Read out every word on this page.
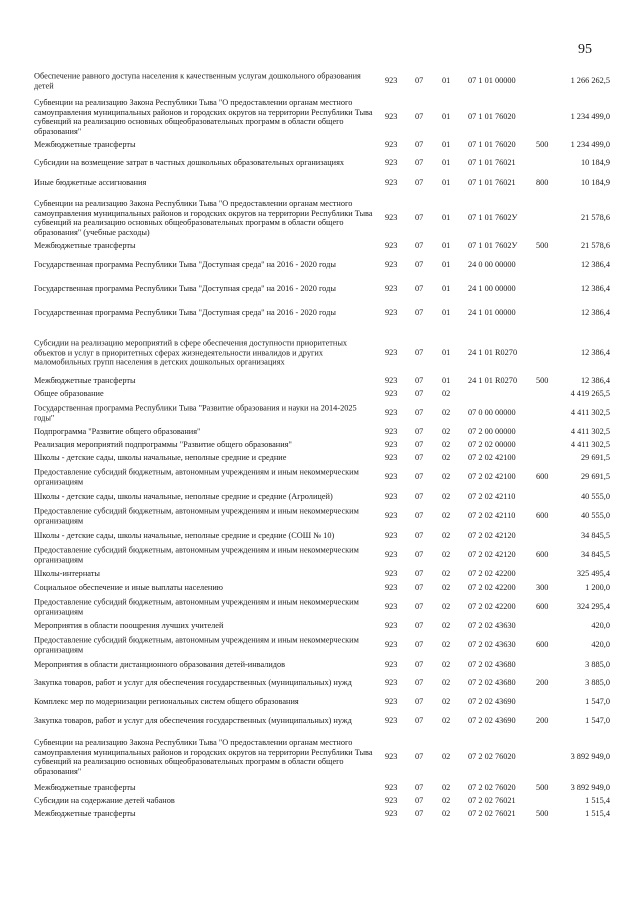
95
Обеспечение равного доступа населения к качественным услугам дошкольного образования детей
923 07 01 07 1 01 00000	1 266 262,5
Субвенции на реализацию Закона Республики Тыва "О предоставлении органам местного самоуправления муниципальных районов и городских округов на территории Республики Тыва субвенций на реализацию основных общеобразовательных программ в области общего образования"
923 07 01 07 1 01 76020	1 234 499,0
Межбюджетные трансферты	923 07 01 07 1 01 76020 500	1 234 499,0
Субсидии на возмещение затрат в частных дошкольных образовательных организациях	923 07 01 07 1 01 76021	10 184,9
Иные бюджетные ассигнования	923 07 01 07 1 01 76021 800	10 184,9
Субвенции на реализацию Закона Республики Тыва "О предоставлении органам местного самоуправления муниципальных районов и городских округов на территории Республики Тыва субвенций на реализацию основных общеобразовательных программ в области общего образования" (учебные расходы)
923 07 01 07 1 01 7602У	21 578,6
Межбюджетные трансферты	923 07 01 07 1 01 7602У 500	21 578,6
Государственная программа Республики Тыва "Доступная среда" на 2016 - 2020 годы	923 07 01 24 0 00 00000	12 386,4
Государственная программа Республики Тыва "Доступная среда" на 2016 - 2020 годы	923 07 01 24 1 00 00000	12 386,4
Государственная программа Республики Тыва "Доступная среда" на 2016 - 2020 годы	923 07 01 24 1 01 00000	12 386,4
Субсидии на реализацию мероприятий в сфере обеспечения доступности приоритетных объектов и услуг в приоритетных сферах жизнедеятельности инвалидов и других маломобильных групп населения в детских дошкольных организациях
923 07 01 24 1 01 R0270	12 386,4
Межбюджетные трансферты	923 07 01 24 1 01 R0270 500	12 386,4
Общее образование	923 07 02	4 419 265,5
Государственная программа Республики Тыва "Развитие образования и науки на 2014-2025 годы"
923 07 02 07 0 00 00000	4 411 302,5
Подпрограмма "Развитие общего образования"	923 07 02 07 2 00 00000	4 411 302,5
Реализация мероприятий подпрограммы "Развитие общего образования"	923 07 02 07 2 02 00000	4 411 302,5
Школы - детские сады, школы начальные, неполные средние и средние	923 07 02 07 2 02 42100	29 691,5
Предоставление субсидий бюджетным, автономным учреждениям и иным некоммерческим организациям
923 07 02 07 2 02 42100 600	29 691,5
Школы - детские сады, школы начальные, неполные средние и средние (Агролицей)	923 07 02 07 2 02 42110	40 555,0
Предоставление субсидий бюджетным, автономным учреждениям и иным некоммерческим организациям
923 07 02 07 2 02 42110 600	40 555,0
Школы - детские сады, школы начальные, неполные средние и средние (СОШ № 10)	923 07 02 07 2 02 42120	34 845,5
Предоставление субсидий бюджетным, автономным учреждениям и иным некоммерческим организациям
923 07 02 07 2 02 42120 600	34 845,5
Школы-интернаты	923 07 02 07 2 02 42200	325 495,4
Социальное обеспечение и иные выплаты населению	923 07 02 07 2 02 42200 300	1 200,0
Предоставление субсидий бюджетным, автономным учреждениям и иным некоммерческим организациям
923 07 02 07 2 02 42200 600	324 295,4
Мероприятия в области поощрения лучших учителей	923 07 02 07 2 02 43630	420,0
Предоставление субсидий бюджетным, автономным учреждениям и иным некоммерческим организациям
923 07 02 07 2 02 43630 600	420,0
Мероприятия в области дистанционного образования детей-инвалидов	923 07 02 07 2 02 43680	3 885,0
Закупка товаров, работ и услуг для обеспечения государственных (муниципальных) нужд	923 07 02 07 2 02 43680 200	3 885,0
Комплекс мер по модернизации региональных систем общего образования	923 07 02 07 2 02 43690	1 547,0
Закупка товаров, работ и услуг для обеспечения государственных (муниципальных) нужд	923 07 02 07 2 02 43690 200	1 547,0
Субвенции на реализацию Закона Республики Тыва "О предоставлении органам местного самоуправления муниципальных районов и городских округов на территории Республики Тыва субвенций на реализацию основных общеобразовательных программ в области общего образования"
923 07 02 07 2 02 76020	3 892 949,0
Межбюджетные трансферты	923 07 02 07 2 02 76020 500	3 892 949,0
Субсидии на содержание детей чабанов	923 07 02 07 2 02 76021	1 515,4
Межбюджетные трансферты	923 07 02 07 2 02 76021 500	1 515,4
